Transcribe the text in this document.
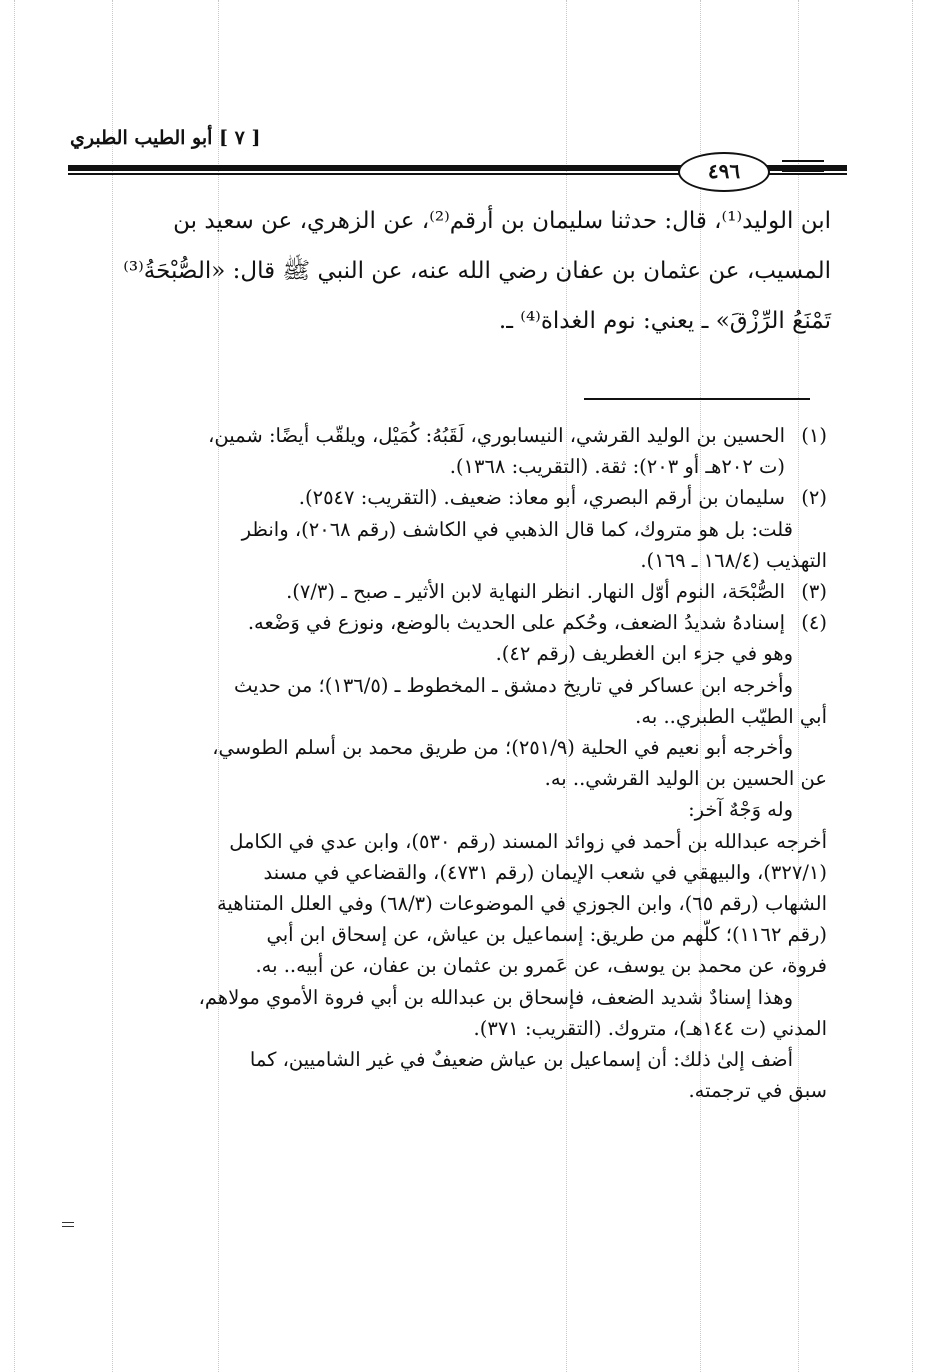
[ ٧ ] أبو الطيب الطبري
٤٩٦

ابن الوليد⁽¹⁾، قال: حدثنا سليمان بن أرقم⁽²⁾، عن الزهري، عن سعيد بن

المسيب، عن عثمان بن عفان رضي الله عنه، عن النبي ﷺ قال: «الصُّبْحَةُ⁽³⁾

تَمْنَعُ الرِّزْقَ» ـ يعني: نوم الغداة⁽⁴⁾ ـ.

(١)

الحسين بن الوليد القرشي، النيسابوري، لَقَبُهُ: كُمَيْل، ويلقّب أيضًا: شمين،

(ت ٢٠٢هـ أو ٢٠٣): ثقة. (التقريب: ١٣٦٨).

(٢)

سليمان بن أرقم البصري، أبو معاذ: ضعيف. (التقريب: ٢٥٤٧).

قلت: بل هو متروك، كما قال الذهبي في الكاشف (رقم ٢٠٦٨)، وانظر

التهذيب (١٦٨/٤ ـ ١٦٩).

(٣)

الصُّبْحَة، النوم أوّل النهار. انظر النهاية لابن الأثير ـ صبح ـ (٧/٣).

(٤)

إسنادهُ شديدُ الضعف، وحُكم على الحديث بالوضع، ونوزع في وَضْعه.

وهو في جزء ابن الغطريف (رقم ٤٢).

وأخرجه ابن عساكر في تاريخ دمشق ـ المخطوط ـ (١٣٦/٥)؛ من حديث

أبي الطيّب الطبري.. به.

وأخرجه أبو نعيم في الحلية (٢٥١/٩)؛ من طريق محمد بن أسلم الطوسي،

عن الحسين بن الوليد القرشي.. به.

وله وَجْهٌ آخر:

أخرجه عبدالله بن أحمد في زوائد المسند (رقم ٥٣٠)، وابن عدي في الكامل

(٣٢٧/١)، والبيهقي في شعب الإيمان (رقم ٤٧٣١)، والقضاعي في مسند

الشهاب (رقم ٦٥)، وابن الجوزي في الموضوعات (٦٨/٣) وفي العلل المتناهية

(رقم ١١٦٢)؛ كلّهم من طريق: إسماعيل بن عياش، عن إسحاق ابن أبي

فروة، عن محمد بن يوسف، عن عَمرو بن عثمان بن عفان، عن أبيه.. به.

وهذا إسنادٌ شديد الضعف، فإسحاق بن عبدالله بن أبي فروة الأموي مولاهم،

المدني (ت ١٤٤هـ)، متروك. (التقريب: ٣٧١).

أضف إلىٰ ذلك: أن إسماعيل بن عياش ضعيفٌ في غير الشاميين، كما

سبق في ترجمته.
